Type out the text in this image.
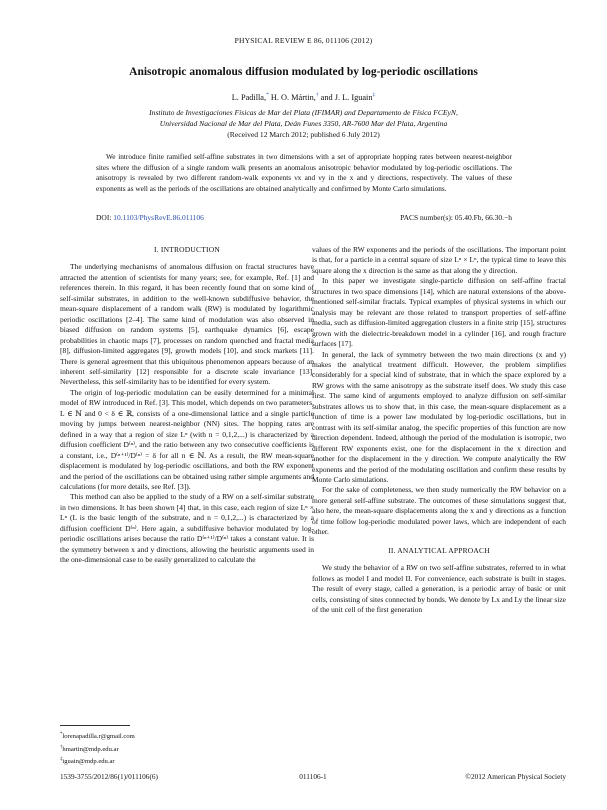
PHYSICAL REVIEW E 86, 011106 (2012)
Anisotropic anomalous diffusion modulated by log-periodic oscillations
L. Padilla,* H. O. Mártin,† and J. L. Iguain‡
Instituto de Investigaciones Físicas de Mar del Plata (IFIMAR) and Departamento de Física FCEyN,
Universidad Nacional de Mar del Plata, Deán Funes 3350, AR-7600 Mar del Plata, Argentina
(Received 12 March 2012; published 6 July 2012)

We introduce finite ramified self-affine substrates in two dimensions with a set of appropriate hopping rates between nearest-neighbor sites where the diffusion of a single random walk presents an anomalous anisotropic behavior modulated by log-periodic oscillations. The anisotropy is revealed by two different random-walk exponents νx and νy in the x and y directions, respectively. The values of these exponents as well as the periods of the oscillations are obtained analytically and confirmed by Monte Carlo simulations.

DOI: 10.1103/PhysRevE.86.011106	PACS number(s): 05.40.Fb, 66.30.−h
I. INTRODUCTION

The underlying mechanisms of anomalous diffusion on fractal structures have attracted the attention of scientists for many years; see, for example, Ref. [1] and references therein. In this regard, it has been recently found that on some kind of self-similar substrates, in addition to the well-known subdiffusive behavior, the mean-square displacement of a random walk (RW) is modulated by logarithmic periodic oscillations [2–4]. The same kind of modulation was also observed in biased diffusion on random systems [5], earthquake dynamics [6], escape probabilities in chaotic maps [7], processes on random quenched and fractal media [8], diffusion-limited aggregates [9], growth models [10], and stock markets [11]. There is general agreement that this ubiquitous phenomenon appears because of an inherent self-similarity [12] responsible for a discrete scale invariance [13]. Nevertheless, this self-similarity has to be identified for every system.

The origin of log-periodic modulation can be easily determined for a minimal model of RW introduced in Ref. [3]. This model, which depends on two parameters, L ∈ ℕ and 0 < δ ∈ ℝ, consists of a one-dimensional lattice and a single particle moving by jumps between nearest-neighbor (NN) sites. The hopping rates are defined in a way that a region of size Lⁿ (with n = 0,1,2,...) is characterized by a diffusion coefficient D⁽ⁿ⁾, and the ratio between any two consecutive coefficients is a constant, i.e., D⁽ⁿ⁺¹⁾/D⁽ⁿ⁾ = δ for all n ∈ ℕ. As a result, the RW mean-square displacement is modulated by log-periodic oscillations, and both the RW exponent and the period of the oscillations can be obtained using rather simple arguments and calculations (for more details, see Ref. [3]).

This method can also be applied to the study of a RW on a self-similar substrate in two dimensions. It has been shown [4] that, in this case, each region of size Lⁿ × Lⁿ (L is the basic length of the substrate, and n = 0,1,2,...) is characterized by a diffusion coefficient D⁽ⁿ⁾. Here again, a subdiffusive behavior modulated by log-periodic oscillations arises because the ratio D⁽ⁿ⁺¹⁾/D⁽ⁿ⁾ takes a constant value. It is the symmetry between x and y directions, allowing the heuristic arguments used in the one-dimensional case to be easily generalized to calculate the

values of the RW exponents and the periods of the oscillations. The important point is that, for a particle in a central square of size Lⁿ × Lⁿ, the typical time to leave this square along the x direction is the same as that along the y direction.

In this paper we investigate single-particle diffusion on self-affine fractal structures in two space dimensions [14], which are natural extensions of the above-mentioned self-similar fractals. Typical examples of physical systems in which our analysis may be relevant are those related to transport properties of self-affine media, such as diffusion-limited aggregation clusters in a finite strip [15], structures grown with the dielectric-breakdown model in a cylinder [16], and rough fracture surfaces [17].

In general, the lack of symmetry between the two main directions (x and y) makes the analytical treatment difficult. However, the problem simplifies considerably for a special kind of substrate, that in which the space explored by a RW grows with the same anisotropy as the substrate itself does. We study this case first. The same kind of arguments employed to analyze diffusion on self-similar substrates allows us to show that, in this case, the mean-square displacement as a function of time is a power law modulated by log-periodic oscillations, but in contrast with its self-similar analog, the specific properties of this function are now direction dependent. Indeed, although the period of the modulation is isotropic, two different RW exponents exist, one for the displacement in the x direction and another for the displacement in the y direction. We compute analytically the RW exponents and the period of the modulating oscillation and confirm these results by Monte Carlo simulations.

For the sake of completeness, we then study numerically the RW behavior on a more general self-affine substrate. The outcomes of these simulations suggest that, also here, the mean-square displacements along the x and y directions as a function of time follow log-periodic modulated power laws, which are independent of each other.

II. ANALYTICAL APPROACH

We study the behavior of a RW on two self-affine substrates, referred to in what follows as model I and model II. For convenience, each substrate is built in stages. The result of every stage, called a generation, is a periodic array of basic or unit cells, consisting of sites connected by bonds. We denote by Lx and Ly the linear size of the unit cell of the first generation

*lorenapadilla.r@gmail.com
†hmartin@mdp.edu.ar
‡iguain@mdp.edu.ar
1539-3755/2012/86(1)/011106(6)	011106-1	©2012 American Physical Society
